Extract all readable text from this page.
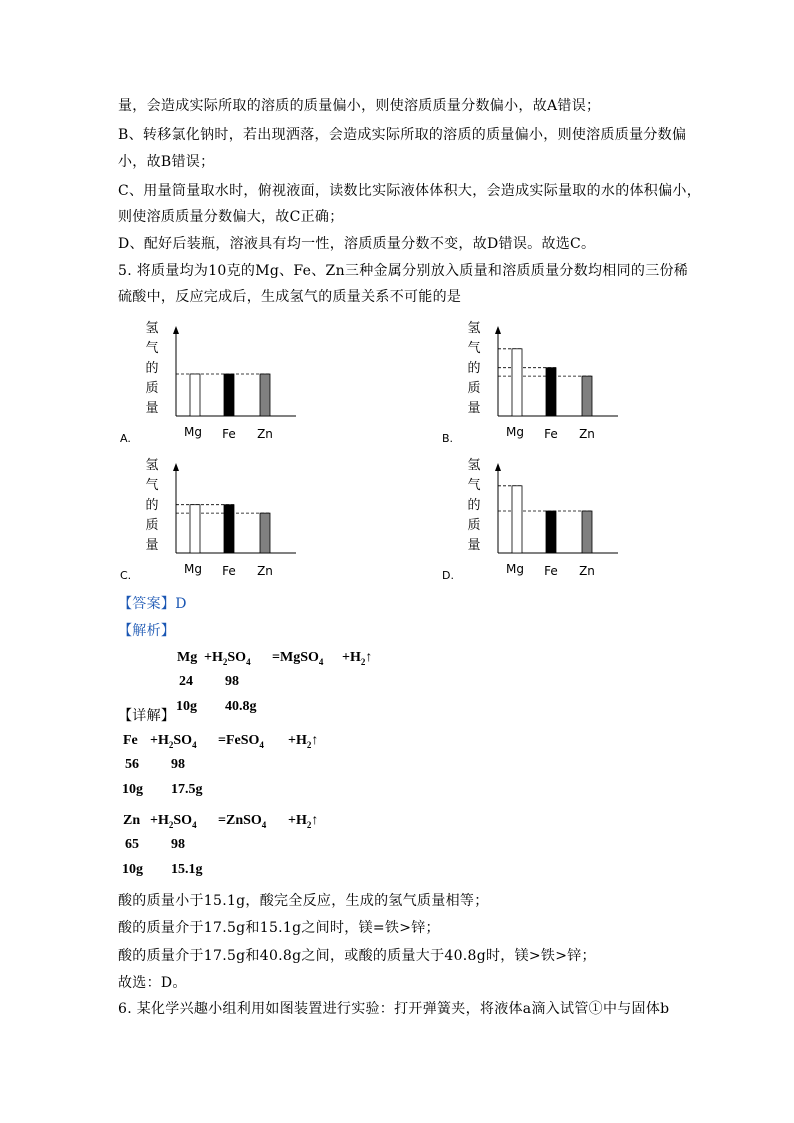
量，会造成实际所取的溶质的质量偏小，则使溶质质量分数偏小，故A错误；
B、转移氯化钠时，若出现洒落，会造成实际所取的溶质的质量偏小，则使溶质质量分数偏
小，故B错误；
C、用量筒量取水时，俯视液面，读数比实际液体体积大，会造成实际量取的水的体积偏小，
则使溶质质量分数偏大，故C正确；
D、配好后装瓶，溶液具有均一性，溶质质量分数不变，故D错误。故选C。
5. 将质量均为10克的Mg、Fe、Zn三种金属分别放入质量和溶质质量分数均相同的三份稀
硫酸中，反应完成后，生成氢气的质量关系不可能的是
氢
气
的
质
量
Mg Fe Zn
A.
氢
气
的
质
量
Mg Fe Zn
B.
氢
气
的
质
量
Mg Fe Zn
C.
氢
气
的
质
量
Mg Fe Zn
D.
【答案】D
【解析】
【详解】
$Mg +H_2SO_4$ =MgSO$_4$ $+H_2↑$
24 98
10g 40.8g
$Fe +H_2SO_4$ =FeSO$_4$ $+H_2↑$
56 98
10g 17.5g
$Zn +H_2SO_4$ =ZnSO$_4$ $+H_2↑$
65 98
10g 15.1g
酸的质量小于15.1g，酸完全反应，生成的氢气质量相等；
酸的质量介于17.5g和15.1g之间时，镁=铁>锌；
酸的质量介于17.5g和40.8g之间，或酸的质量大于40.8g时，镁>铁>锌；
故选：D。
6. 某化学兴趣小组利用如图装置进行实验：打开弹簧夹，将液体a滴入试管①中与固体b
